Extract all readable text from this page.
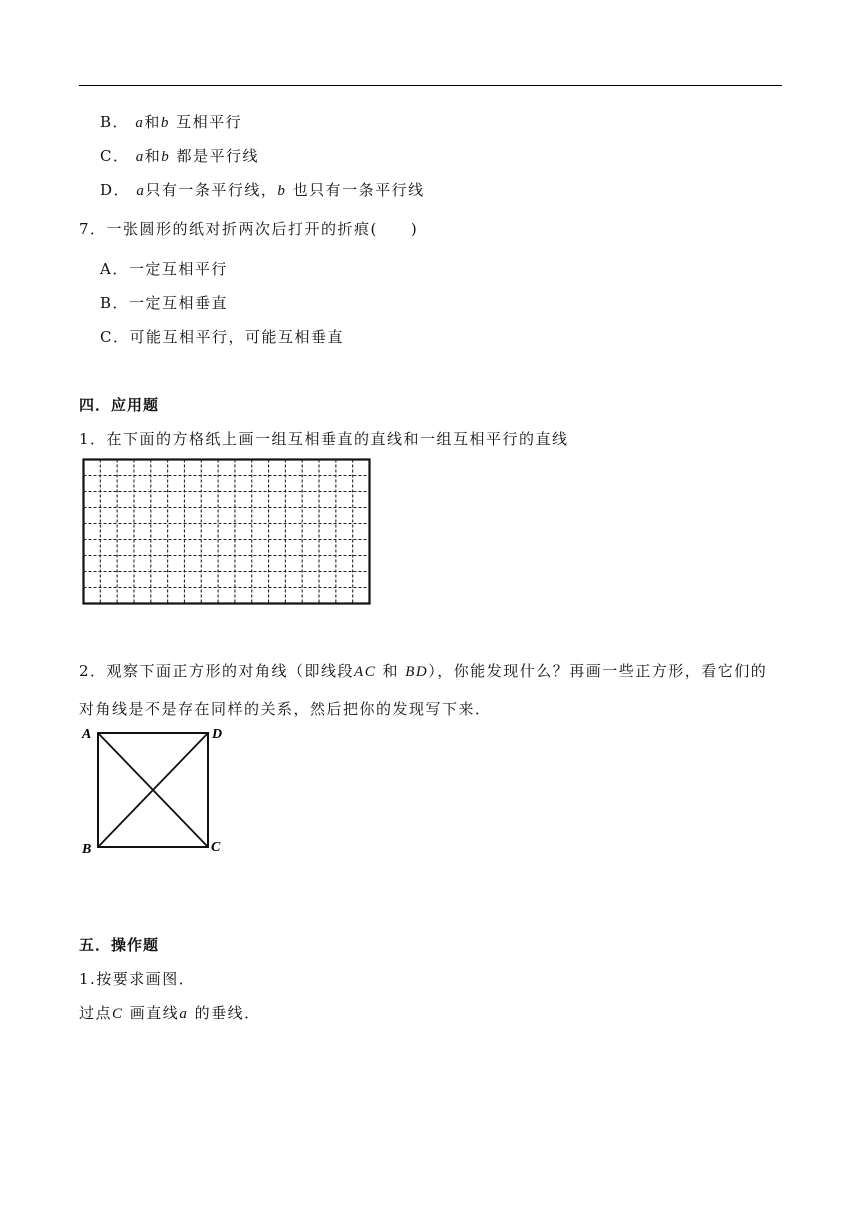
B． a和b 互相平行
C． a和b 都是平行线
D． a只有一条平行线，b 也只有一条平行线
7．一张圆形的纸对折两次后打开的折痕(　　)
A．一定互相平行
B．一定互相垂直
C．可能互相平行，可能互相垂直
四．应用题
1．在下面的方格纸上画一组互相垂直的直线和一组互相平行的直线
2．观察下面正方形的对角线（即线段AC 和 BD），你能发现什么？再画一些正方形，看它们的
对角线是不是存在同样的关系，然后把你的发现写下来．
A	D
B	C
五．操作题
1.按要求画图．
过点C 画直线a 的垂线．
